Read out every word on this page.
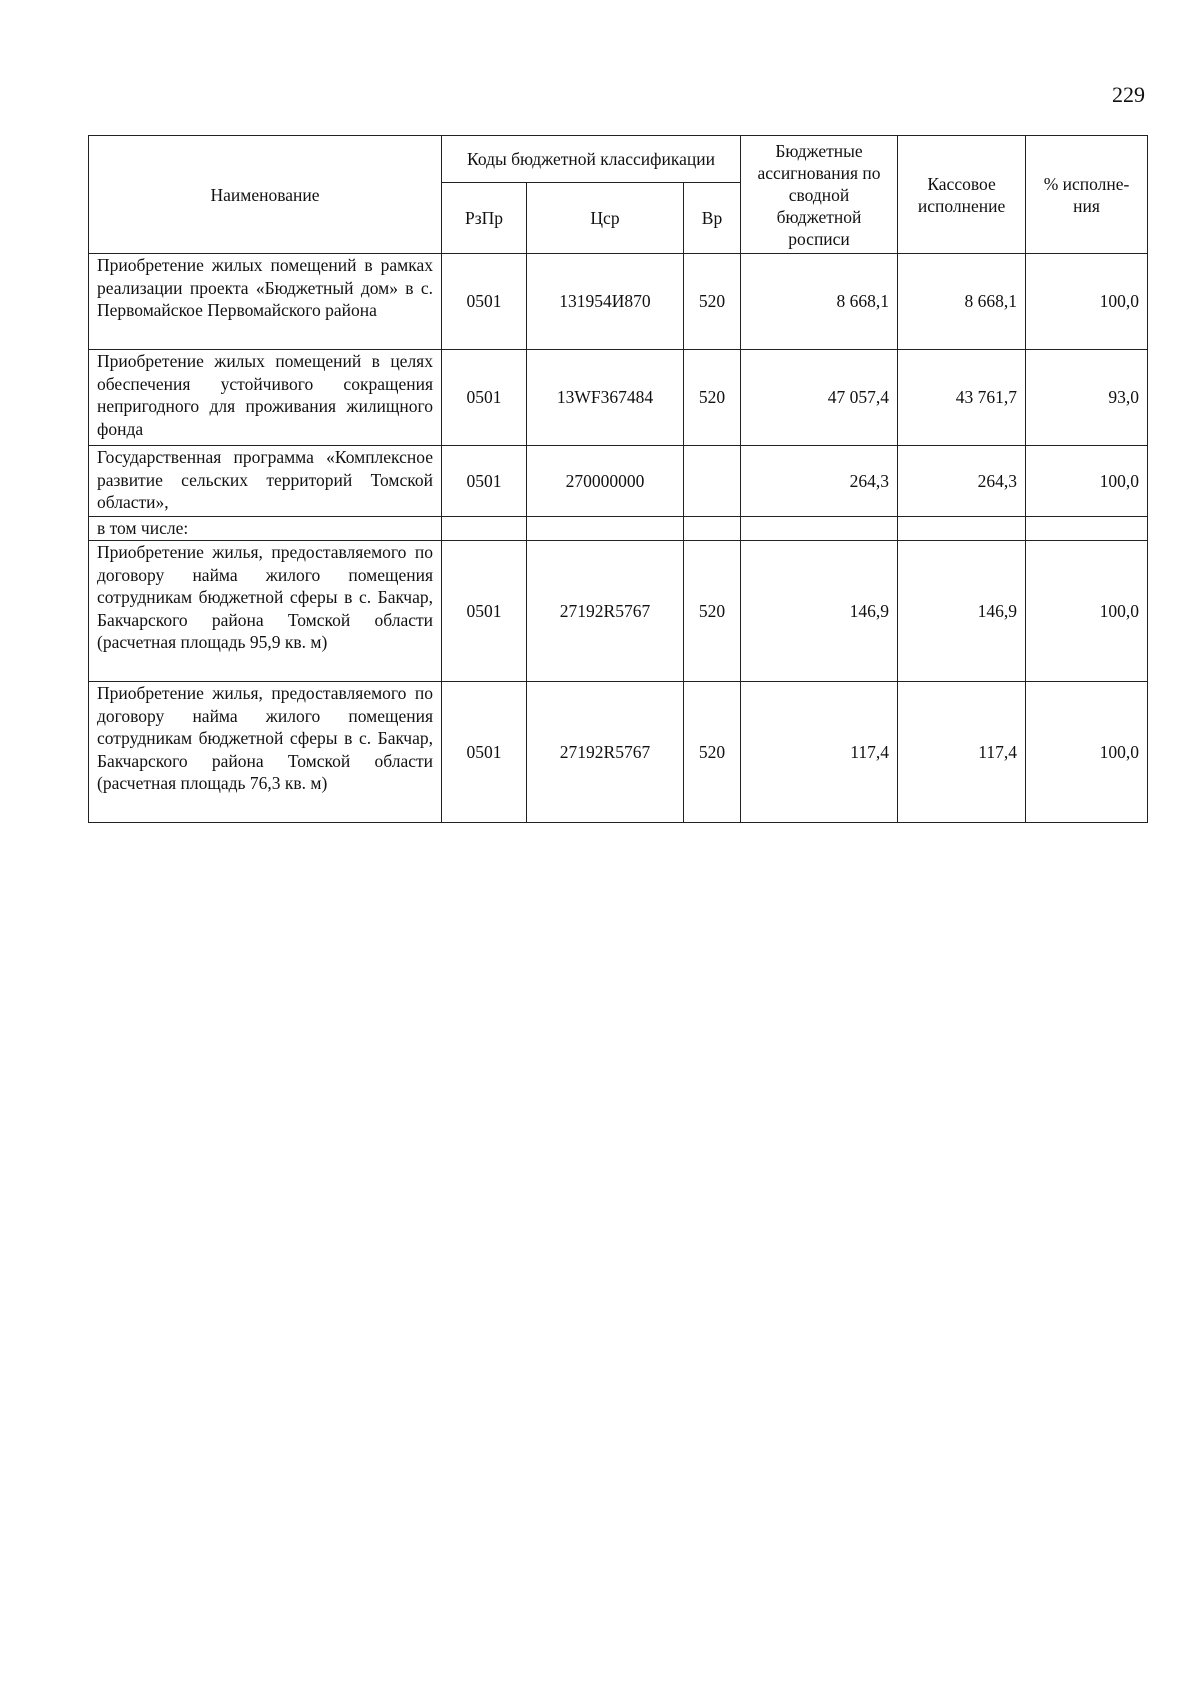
229
Наименование	Коды бюджетной классификации			Бюджетные ассигнования по сводной бюджетной росписи	Кассовое исполнение	% исполне-ния
	РзПр	Цср	Вр			
Приобретение жилых помещений в рамках реализации проекта «Бюджетный дом» в с. Первомайское Первомайского района	0501	131954И870	520	8 668,1	8 668,1	100,0
Приобретение жилых помещений в целях обеспечения устойчивого сокращения непригодного для проживания жилищного фонда	0501	13WF367484	520	47 057,4	43 761,7	93,0
Государственная программа «Комплексное развитие сельских территорий Томской области»,	0501	270000000		264,3	264,3	100,0
в том числе:						
Приобретение жилья, предоставляемого по договору найма жилого помещения сотрудникам бюджетной сферы в с. Бакчар, Бакчарского района Томской области (расчетная площадь 95,9 кв. м)	0501	27192R5767	520	146,9	146,9	100,0
Приобретение жилья, предоставляемого по договору найма жилого помещения сотрудникам бюджетной сферы в с. Бакчар, Бакчарского района Томской области (расчетная площадь 76,3 кв. м)	0501	27192R5767	520	117,4	117,4	100,0
